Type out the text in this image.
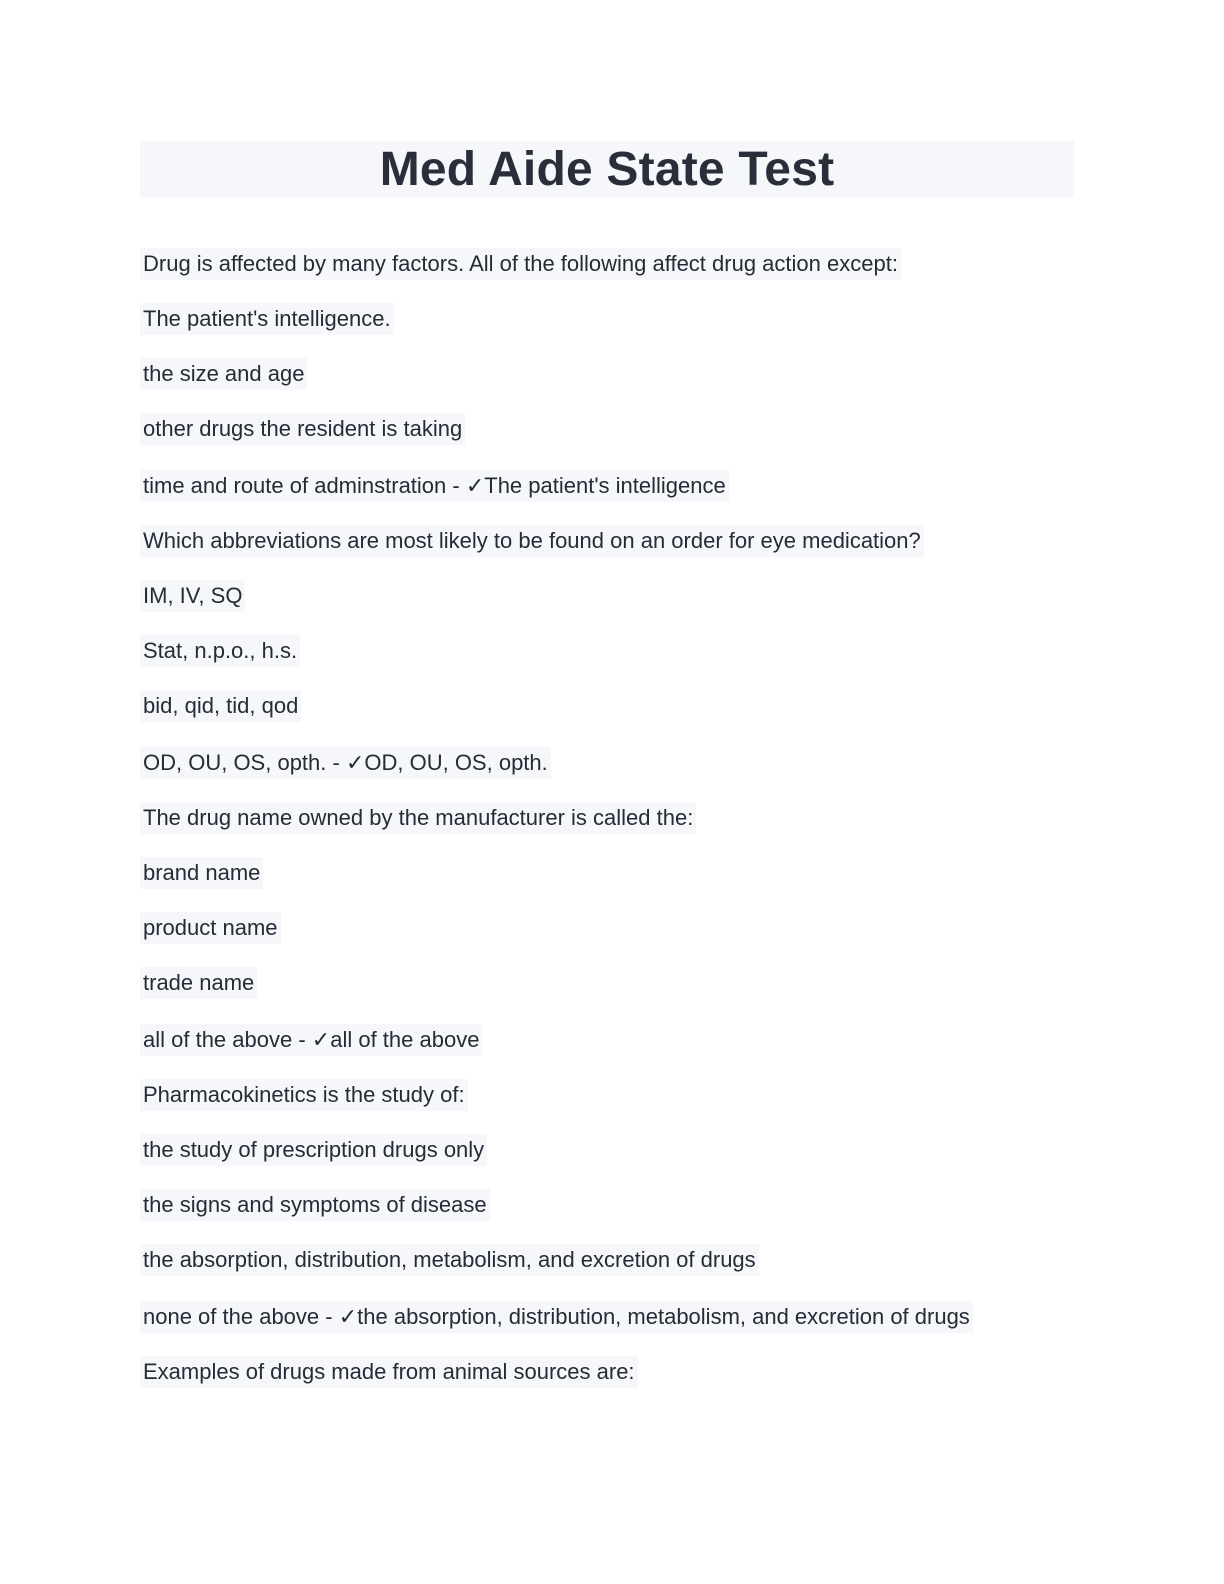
Med Aide State Test
Drug is affected by many factors. All of the following affect drug action except:
The patient's intelligence.
the size and age
other drugs the resident is taking
time and route of adminstration - ✓The patient's intelligence
Which abbreviations are most likely to be found on an order for eye medication?
IM, IV, SQ
Stat, n.p.o., h.s.
bid, qid, tid, qod
OD, OU, OS, opth. - ✓OD, OU, OS, opth.
The drug name owned by the manufacturer is called the:
brand name
product name
trade name
all of the above - ✓all of the above
Pharmacokinetics is the study of:
the study of prescription drugs only
the signs and symptoms of disease
the absorption, distribution, metabolism, and excretion of drugs
none of the above - ✓the absorption, distribution, metabolism, and excretion of drugs
Examples of drugs made from animal sources are:
